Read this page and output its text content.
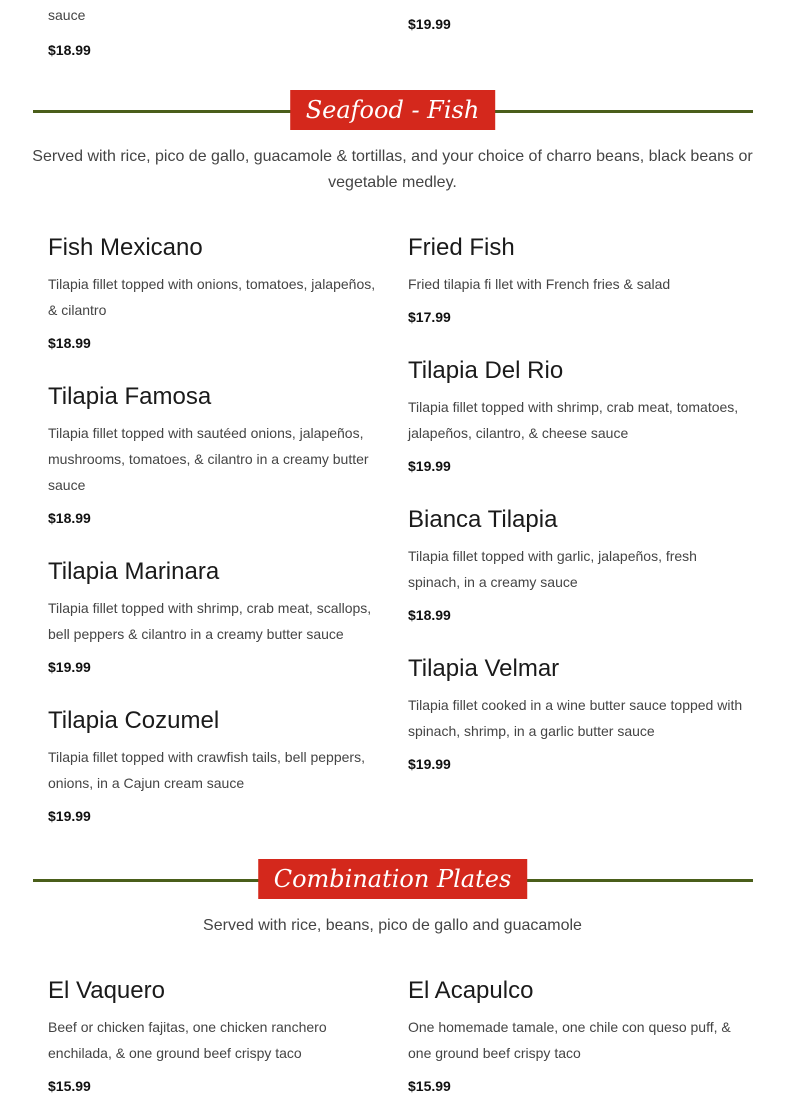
sauce
$18.99
$19.99
Seafood - Fish
Served with rice, pico de gallo, guacamole & tortillas, and your choice of charro beans, black beans or vegetable medley.
Fish Mexicano
Tilapia fillet topped with onions, tomatoes, jalapeños, & cilantro
$18.99
Tilapia Famosa
Tilapia fillet topped with sautéed onions, jalapeños, mushrooms, tomatoes, & cilantro in a creamy butter sauce
$18.99
Tilapia Marinara
Tilapia fillet topped with shrimp, crab meat, scallops, bell peppers & cilantro in a creamy butter sauce
$19.99
Tilapia Cozumel
Tilapia fillet topped with crawfish tails, bell peppers, onions, in a Cajun cream sauce
$19.99
Fried Fish
Fried tilapia fi llet with French fries & salad
$17.99
Tilapia Del Rio
Tilapia fillet topped with shrimp, crab meat, tomatoes, jalapeños, cilantro, & cheese sauce
$19.99
Bianca Tilapia
Tilapia fillet topped with garlic, jalapeños, fresh spinach, in a creamy sauce
$18.99
Tilapia Velmar
Tilapia fillet cooked in a wine butter sauce topped with spinach, shrimp, in a garlic butter sauce
$19.99
Combination Plates
Served with rice, beans, pico de gallo and guacamole
El Vaquero
Beef or chicken fajitas, one chicken ranchero enchilada, & one ground beef crispy taco
$15.99
El Acapulco
One homemade tamale, one chile con queso puff, & one ground beef crispy taco
$15.99
